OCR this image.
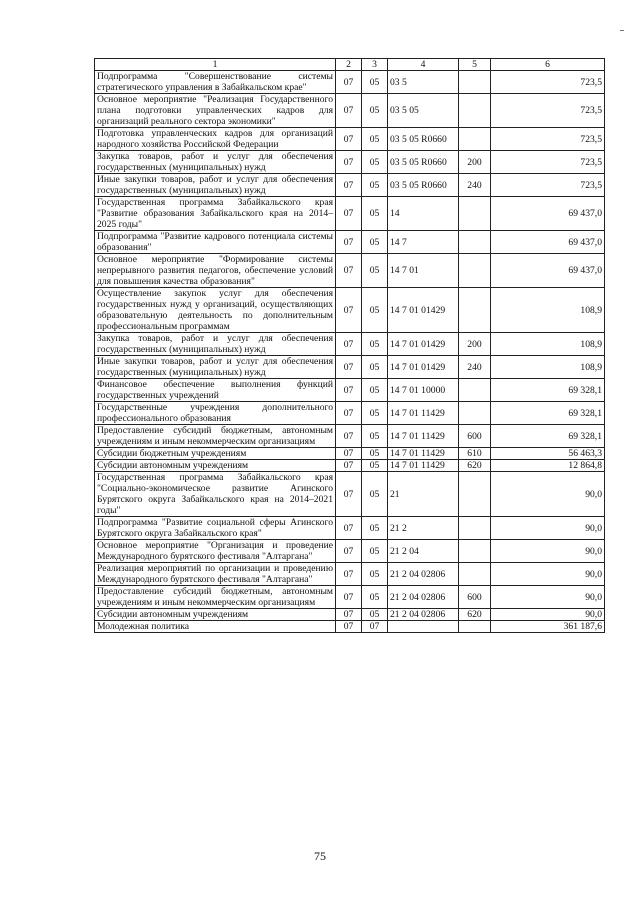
1	2	3	4	5	6
Подпрограмма "Совершенствование системы стратегического управления в Забайкальском крае"	07	05	03 5		723,5
Основное мероприятие "Реализация Государственного плана подготовки управленческих кадров для организаций реального сектора экономики"	07	05	03 5 05		723,5
Подготовка управленческих кадров для организаций народного хозяйства Российской Федерации	07	05	03 5 05 R0660		723,5
Закупка товаров, работ и услуг для обеспечения государственных (муниципальных) нужд	07	05	03 5 05 R0660	200	723,5
Иные закупки товаров, работ и услуг для обеспечения государственных (муниципальных) нужд	07	05	03 5 05 R0660	240	723,5
Государственная программа Забайкальского края "Развитие образования Забайкальского края на 2014–2025 годы"	07	05	14		69 437,0
Подпрограмма "Развитие кадрового потенциала системы образования"	07	05	14 7		69 437,0
Основное мероприятие "Формирование системы непрерывного развития педагогов, обеспечение условий для повышения качества образования"	07	05	14 7 01		69 437,0
Осуществление закупок услуг для обеспечения государственных нужд у организаций, осуществляющих образовательную деятельность по дополнительным профессиональным программам	07	05	14 7 01 01429		108,9
Закупка товаров, работ и услуг для обеспечения государственных (муниципальных) нужд	07	05	14 7 01 01429	200	108,9
Иные закупки товаров, работ и услуг для обеспечения государственных (муниципальных) нужд	07	05	14 7 01 01429	240	108,9
Финансовое обеспечение выполнения функций государственных учреждений	07	05	14 7 01 10000		69 328,1
Государственные учреждения дополнительного профессионального образования	07	05	14 7 01 11429		69 328,1
Предоставление субсидий бюджетным, автономным учреждениям и иным некоммерческим организациям	07	05	14 7 01 11429	600	69 328,1
Субсидии бюджетным учреждениям	07	05	14 7 01 11429	610	56 463,3
Субсидии автономным учреждениям	07	05	14 7 01 11429	620	12 864,8
Государственная программа Забайкальского края "Социально-экономическое развитие Агинского Бурятского округа Забайкальского края на 2014–2021 годы"	07	05	21		90,0
Подпрограмма "Развитие социальной сферы Агинского Бурятского округа Забайкальского края"	07	05	21 2		90,0
Основное мероприятие "Организация и проведение Международного бурятского фестиваля "Алтаргана"	07	05	21 2 04		90,0
Реализация мероприятий по организации и проведению Международного бурятского фестиваля "Алтаргана"	07	05	21 2 04 02806		90,0
Предоставление субсидий бюджетным, автономным учреждениям и иным некоммерческим организациям	07	05	21 2 04 02806	600	90,0
Субсидии автономным учреждениям	07	05	21 2 04 02806	620	90,0
Молодежная политика	07	07			361 187,6
75
